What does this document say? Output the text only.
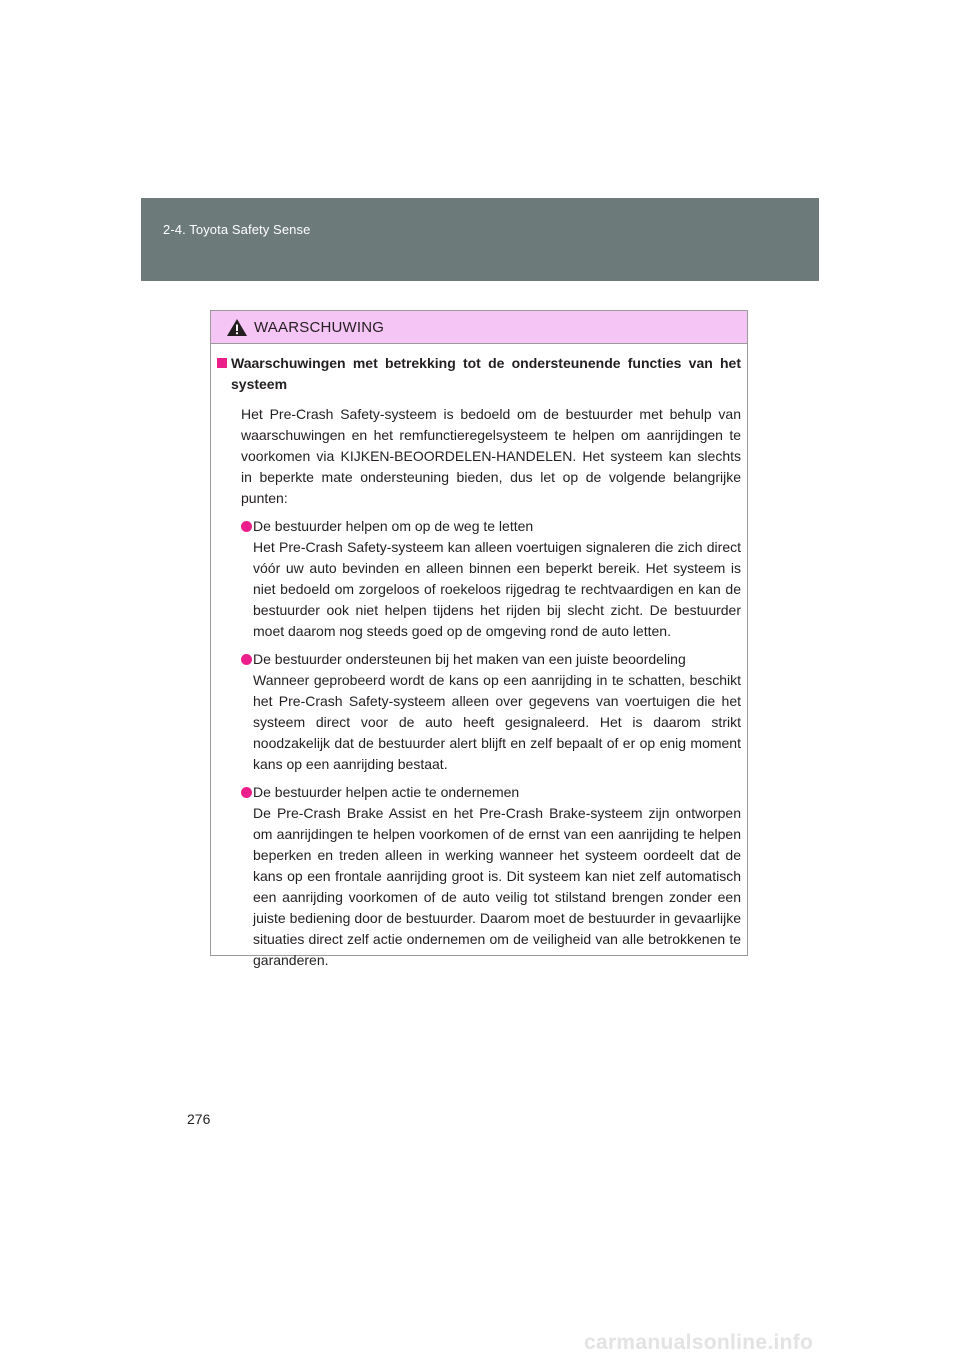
2-4. Toyota Safety Sense
WAARSCHUWING
Waarschuwingen met betrekking tot de ondersteunende functies van het systeem
Het Pre-Crash Safety-systeem is bedoeld om de bestuurder met behulp van waarschuwingen en het remfunctieregelsysteem te helpen om aanrijdingen te voorkomen via KIJKEN-BEOORDELEN-HANDELEN. Het systeem kan slechts in beperkte mate ondersteuning bieden, dus let op de volgende belangrijke punten:
De bestuurder helpen om op de weg te letten
Het Pre-Crash Safety-systeem kan alleen voertuigen signaleren die zich direct vóór uw auto bevinden en alleen binnen een beperkt bereik. Het systeem is niet bedoeld om zorgeloos of roekeloos rijgedrag te rechtvaardigen en kan de bestuurder ook niet helpen tijdens het rijden bij slecht zicht. De bestuurder moet daarom nog steeds goed op de omgeving rond de auto letten.
De bestuurder ondersteunen bij het maken van een juiste beoordeling
Wanneer geprobeerd wordt de kans op een aanrijding in te schatten, beschikt het Pre-Crash Safety-systeem alleen over gegevens van voertuigen die het systeem direct voor de auto heeft gesignaleerd. Het is daarom strikt noodzakelijk dat de bestuurder alert blijft en zelf bepaalt of er op enig moment kans op een aanrijding bestaat.
De bestuurder helpen actie te ondernemen
De Pre-Crash Brake Assist en het Pre-Crash Brake-systeem zijn ontworpen om aanrijdingen te helpen voorkomen of de ernst van een aanrijding te helpen beperken en treden alleen in werking wanneer het systeem oordeelt dat de kans op een frontale aanrijding groot is. Dit systeem kan niet zelf automatisch een aanrijding voorkomen of de auto veilig tot stilstand brengen zonder een juiste bediening door de bestuurder. Daarom moet de bestuurder in gevaarlijke situaties direct zelf actie ondernemen om de veiligheid van alle betrokkenen te garanderen.
276
carmanualsonline.info
